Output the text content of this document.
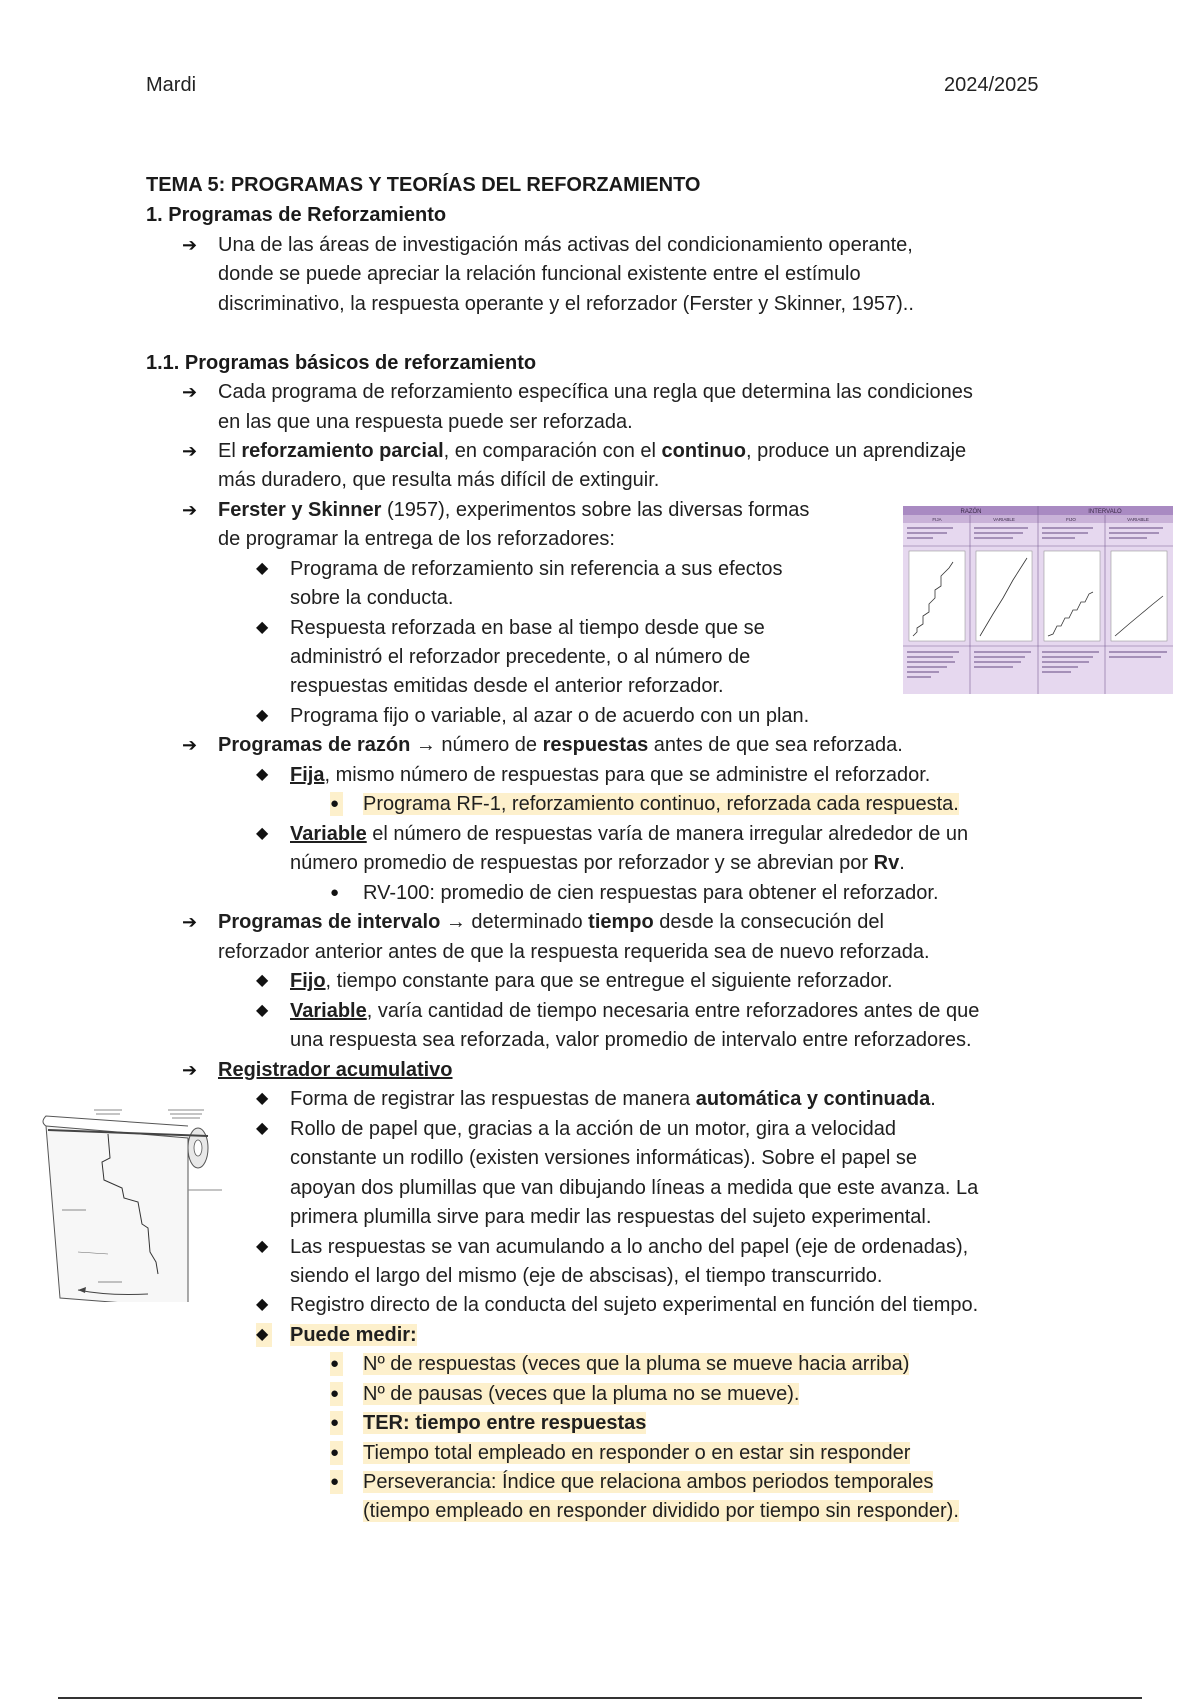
Mardi	2024/2025
TEMA 5: PROGRAMAS Y TEORÍAS DEL REFORZAMIENTO
1. Programas de Reforzamiento
➔ Una de las áreas de investigación más activas del condicionamiento operante,
donde se puede apreciar la relación funcional existente entre el estímulo
discriminativo, la respuesta operante y el reforzador (Ferster y Skinner, 1957)..
1.1. Programas básicos de reforzamiento
➔ Cada programa de reforzamiento específica una regla que determina las condiciones
en las que una respuesta puede ser reforzada.
➔ El reforzamiento parcial, en comparación con el continuo, produce un aprendizaje
más duradero, que resulta más difícil de extinguir.
➔ Ferster y Skinner (1957), experimentos sobre las diversas formas
de programar la entrega de los reforzadores:
◆ Programa de reforzamiento sin referencia a sus efectos
sobre la conducta.
◆ Respuesta reforzada en base al tiempo desde que se
administró el reforzador precedente, o al número de
respuestas emitidas desde el anterior reforzador.
◆ Programa fijo o variable, al azar o de acuerdo con un plan.
➔ Programas de razón → número de respuestas antes de que sea reforzada.
◆ Fija, mismo número de respuestas para que se administre el reforzador.
● Programa RF-1, reforzamiento continuo, reforzada cada respuesta.
◆ Variable el número de respuestas varía de manera irregular alrededor de un
número promedio de respuestas por reforzador y se abrevian por Rv.
● RV-100: promedio de cien respuestas para obtener el reforzador.
➔ Programas de intervalo → determinado tiempo desde la consecución del
reforzador anterior antes de que la respuesta requerida sea de nuevo reforzada.
◆ Fijo, tiempo constante para que se entregue el siguiente reforzador.
◆ Variable, varía cantidad de tiempo necesaria entre reforzadores antes de que
una respuesta sea reforzada, valor promedio de intervalo entre reforzadores.
➔ Registrador acumulativo
◆ Forma de registrar las respuestas de manera automática y continuada.
◆ Rollo de papel que, gracias a la acción de un motor, gira a velocidad
constante un rodillo (existen versiones informáticas). Sobre el papel se
apoyan dos plumillas que van dibujando líneas a medida que este avanza. La
primera plumilla sirve para medir las respuestas del sujeto experimental.
◆ Las respuestas se van acumulando a lo ancho del papel (eje de ordenadas),
siendo el largo del mismo (eje de abscisas), el tiempo transcurrido.
◆ Registro directo de la conducta del sujeto experimental en función del tiempo.
◆ Puede medir:
● Nº de respuestas (veces que la pluma se mueve hacia arriba)
● Nº de pausas (veces que la pluma no se mueve).
● TER: tiempo entre respuestas
● Tiempo total empleado en responder o en estar sin responder
● Perseverancia: Índice que relaciona ambos periodos temporales
(tiempo empleado en responder dividido por tiempo sin responder).
RAZÓN	INTERVALO
FIJA	VARIABLE	FIJO	VARIABLE
